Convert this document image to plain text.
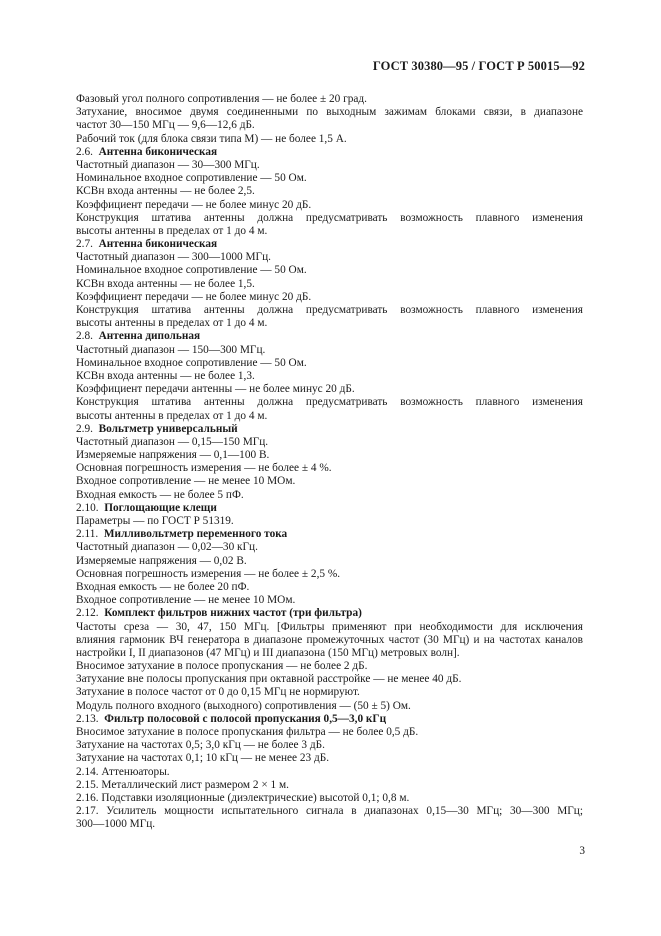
ГОСТ 30380—95 / ГОСТ Р 50015—92
Фазовый угол полного сопротивления — не более ± 20 град.
Затухание, вносимое двумя соединенными по выходным зажимам блоками связи, в диапазоне
частот 30—150 МГц — 9,6—12,6 дБ.
Рабочий ток (для блока связи типа М) — не более 1,5 А.
2.6. Антенна биконическая
Частотный диапазон — 30—300 МГц.
Номинальное входное сопротивление — 50 Ом.
КСВн входа антенны — не более 2,5.
Коэффициент передачи — не более минус 20 дБ.
Конструкция штатива антенны должна предусматривать возможность плавного изменения
высоты антенны в пределах от 1 до 4 м.
2.7. Антенна биконическая
Частотный диапазон — 300—1000 МГц.
Номинальное входное сопротивление — 50 Ом.
КСВн входа антенны — не более 1,5.
Коэффициент передачи — не более минус 20 дБ.
Конструкция штатива антенны должна предусматривать возможность плавного изменения
высоты антенны в пределах от 1 до 4 м.
2.8. Антенна дипольная
Частотный диапазон — 150—300 МГц.
Номинальное входное сопротивление — 50 Ом.
КСВн входа антенны — не более 1,3.
Коэффициент передачи антенны — не более минус 20 дБ.
Конструкция штатива антенны должна предусматривать возможность плавного изменения
высоты антенны в пределах от 1 до 4 м.
2.9. Вольтметр универсальный
Частотный диапазон — 0,15—150 МГц.
Измеряемые напряжения — 0,1—100 В.
Основная погрешность измерения — не более ± 4 %.
Входное сопротивление — не менее 10 МОм.
Входная емкость — не более 5 пФ.
2.10. Поглощающие клещи
Параметры — по ГОСТ Р 51319.
2.11. Милливольтметр переменного тока
Частотный диапазон — 0,02—30 кГц.
Измеряемые напряжения — 0,02 В.
Основная погрешность измерения — не более ± 2,5 %.
Входная емкость — не более 20 пФ.
Входное сопротивление — не менее 10 МОм.
2.12. Комплект фильтров нижних частот (три фильтра)
Частоты среза — 30, 47, 150 МГц. [Фильтры применяют при необходимости для исключения
влияния гармоник ВЧ генератора в диапазоне промежуточных частот (30 МГц) и на частотах каналов
настройки I, II диапазонов (47 МГц) и III диапазона (150 МГц) метровых волн].
Вносимое затухание в полосе пропускания — не более 2 дБ.
Затухание вне полосы пропускания при октавной расстройке — не менее 40 дБ.
Затухание в полосе частот от 0 до 0,15 МГц не нормируют.
Модуль полного входного (выходного) сопротивления — (50 ± 5) Ом.
2.13. Фильтр полосовой с полосой пропускания 0,5—3,0 кГц
Вносимое затухание в полосе пропускания фильтра — не более 0,5 дБ.
Затухание на частотах 0,5; 3,0 кГц — не более 3 дБ.
Затухание на частотах 0,1; 10 кГц — не менее 23 дБ.
2.14. Аттенюаторы.
2.15. Металлический лист размером 2 × 1 м.
2.16. Подставки изоляционные (диэлектрические) высотой 0,1; 0,8 м.
2.17. Усилитель мощности испытательного сигнала в диапазонах 0,15—30 МГц; 30—300 МГц;
300—1000 МГц.
3
